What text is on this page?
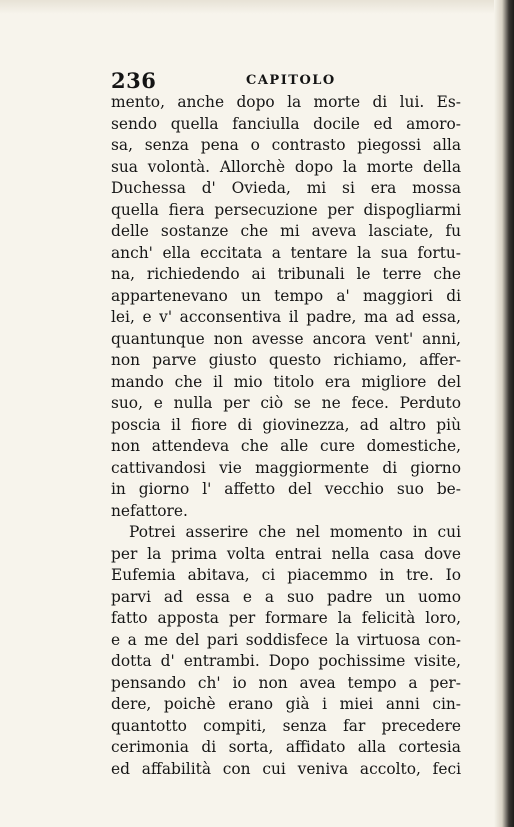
236	CAPITOLO
mento, anche dopo la morte di lui. Es-
sendo quella fanciulla docile ed amoro-
sa, senza pena o contrasto piegossi alla
sua volontà. Allorchè dopo la morte della
Duchessa d' Ovieda, mi si era mossa
quella fiera persecuzione per dispogliarmi
delle sostanze che mi aveva lasciate, fu
anch' ella eccitata a tentare la sua fortu-
na, richiedendo ai tribunali le terre che
appartenevano un tempo a' maggiori di
lei, e v' acconsentiva il padre, ma ad essa,
quantunque non avesse ancora vent' anni,
non parve giusto questo richiamo, affer-
mando che il mio titolo era migliore del
suo, e nulla per ciò se ne fece. Perduto
poscia il fiore di giovinezza, ad altro più
non attendeva che alle cure domestiche,
cattivandosi vie maggiormente di giorno
in giorno l' affetto del vecchio suo be-
nefattore.
Potrei asserire che nel momento in cui
per la prima volta entrai nella casa dove
Eufemia abitava, ci piacemmo in tre. Io
parvi ad essa e a suo padre un uomo
fatto apposta per formare la felicità loro,
e a me del pari soddisfece la virtuosa con-
dotta d' entrambi. Dopo pochissime visite,
pensando ch' io non avea tempo a per-
dere, poichè erano già i miei anni cin-
quantotto compiti, senza far precedere
cerimonia di sorta, affidato alla cortesia
ed affabilità con cui veniva accolto, feci
